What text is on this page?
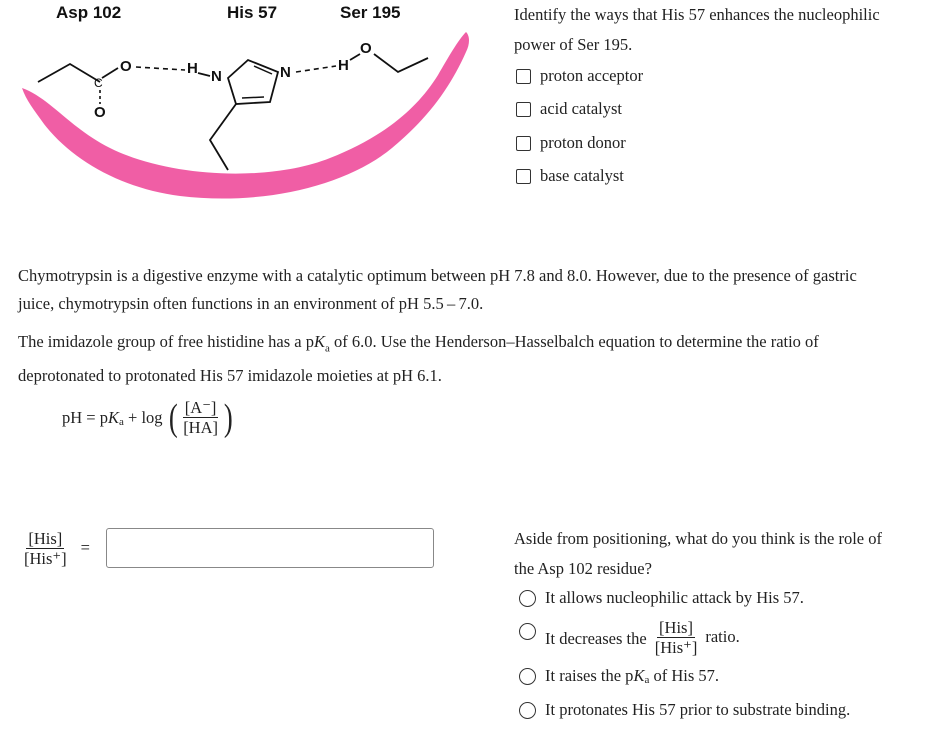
Asp 102	His 57	Ser 195
O
C
O
H N	N	H
O
Identify the ways that His 57 enhances the nucleophilic
power of Ser 195.
proton acceptor
acid catalyst
proton donor
base catalyst
Chymotrypsin is a digestive enzyme with a catalytic optimum between pH 7.8 and 8.0. However, due to the presence of gastric
juice, chymotrypsin often functions in an environment of pH 5.5 – 7.0.
The imidazole group of free histidine has a $pK_a$ of 6.0. Use the Henderson–Hasselbalch equation to determine the ratio of
deprotonated to protonated His 57 imidazole moieties at pH 6.1.
pH = p $K_a + \log$ ( $\frac{[A^-]}{[HA]}$ )
$\frac{\text{[His]}}{\text{[His⁺]}}$ =	Aside from positioning, what do you think is the role of
the Asp 102 residue?
It allows nucleophilic attack by His 57.
It decreases the $\frac{\text{[His]}}{\text{[His⁺]}}$ ratio.
It raises the p $K_a$ of His 57.
It protonates His 57 prior to substrate binding.
